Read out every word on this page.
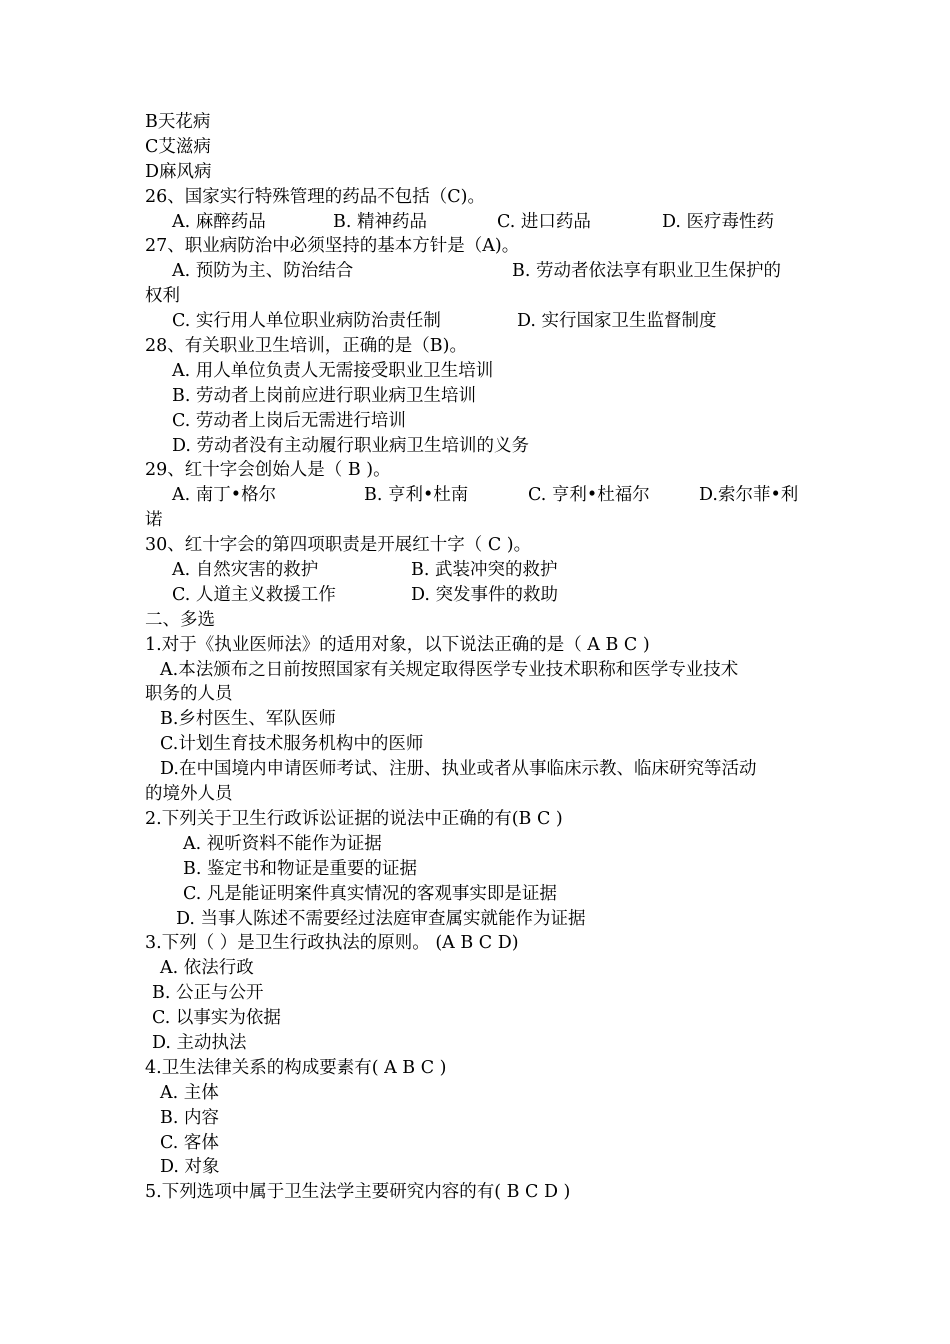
B天花病
C艾滋病
D麻风病
26、国家实行特殊管理的药品不包括（C)。
A. 麻醉药品	B. 精神药品	C. 进口药品	D. 医疗毒性药
27、职业病防治中必须坚持的基本方针是（A)。
A. 预防为主、防治结合	B. 劳动者依法享有职业卫生保护的
权利
C. 实行用人单位职业病防治责任制	D. 实行国家卫生监督制度
28、有关职业卫生培训，正确的是（B)。
A. 用人单位负责人无需接受职业卫生培训
B. 劳动者上岗前应进行职业病卫生培训
C. 劳动者上岗后无需进行培训
D. 劳动者没有主动履行职业病卫生培训的义务
29、红十字会创始人是（ B )。
A. 南丁•格尔	B. 亨利•杜南	C. 亨利•杜福尔	D.索尔菲•利
诺
30、红十字会的第四项职责是开展红十字（ C )。
A. 自然灾害的救护	B. 武装冲突的救护
C. 人道主义救援工作	D. 突发事件的救助
二、多选
1.对于《执业医师法》的适用对象，以下说法正确的是（ A B C )
A.本法颁布之日前按照国家有关规定取得医学专业技术职称和医学专业技术
职务的人员
B.乡村医生、军队医师
C.计划生育技术服务机构中的医师
D.在中国境内申请医师考试、注册、执业或者从事临床示教、临床研究等活动
的境外人员
2.下列关于卫生行政诉讼证据的说法中正确的有(B C )
A. 视听资料不能作为证据
B. 鉴定书和物证是重要的证据
C. 凡是能证明案件真实情况的客观事实即是证据
D. 当事人陈述不需要经过法庭审查属实就能作为证据
3.下列（ ）是卫生行政执法的原则。 (A B C D)
A. 依法行政
B. 公正与公开
C. 以事实为依据
D. 主动执法
4.卫生法律关系的构成要素有( A B C )
A. 主体
B. 内容
C. 客体
D. 对象
5.下列选项中属于卫生法学主要研究内容的有( B C D )
